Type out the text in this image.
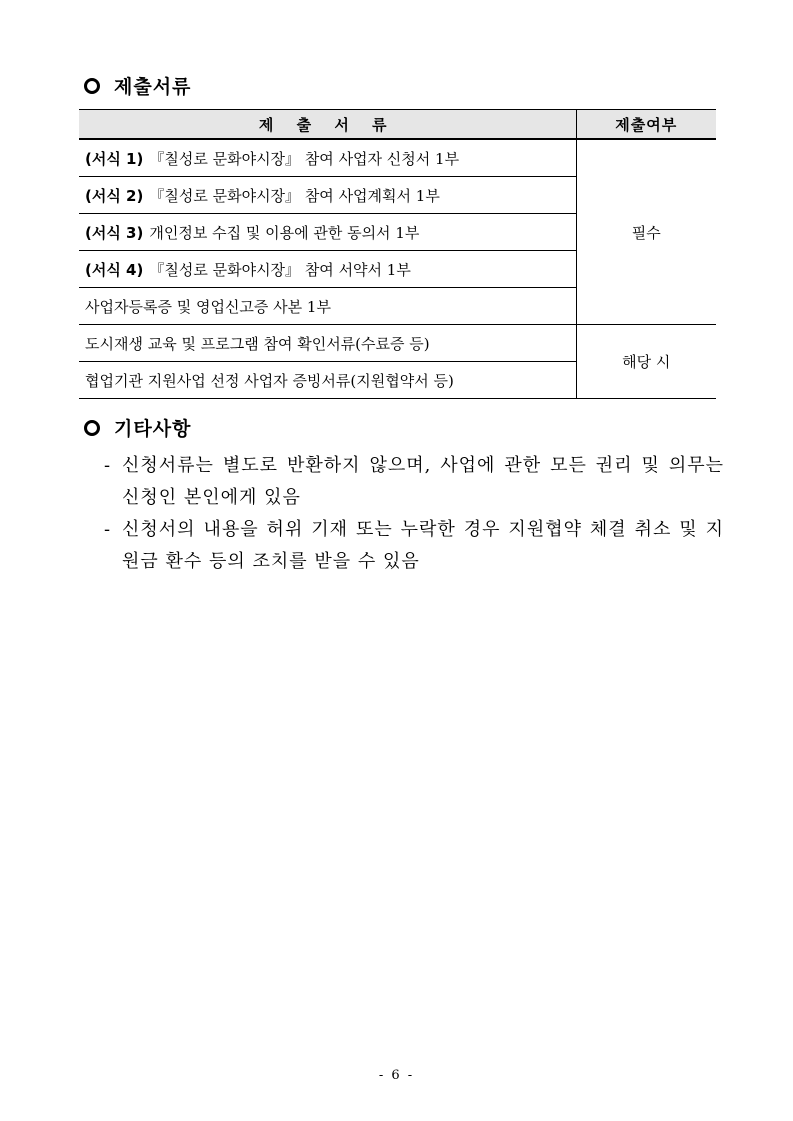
제출서류
제 출 서 류	제출여부
(서식 1) 『칠성로 문화야시장』 참여 사업자 신청서 1부	필수
(서식 2) 『칠성로 문화야시장』 참여 사업계획서 1부	
(서식 3) 개인정보 수집 및 이용에 관한 동의서 1부	
(서식 4) 『칠성로 문화야시장』 참여 서약서 1부	
사업자등록증 및 영업신고증 사본 1부	
도시재생 교육 및 프로그램 참여 확인서류(수료증 등)	해당 시
협업기관 지원사업 선정 사업자 증빙서류(지원협약서 등)	
기타사항
- 신청서류는 별도로 반환하지 않으며, 사업에 관한 모든 권리 및 의무는 신청인 본인에게 있음
- 신청서의 내용을 허위 기재 또는 누락한 경우 지원협약 체결 취소 및 지원금 환수 등의 조치를 받을 수 있음
- 6 -
